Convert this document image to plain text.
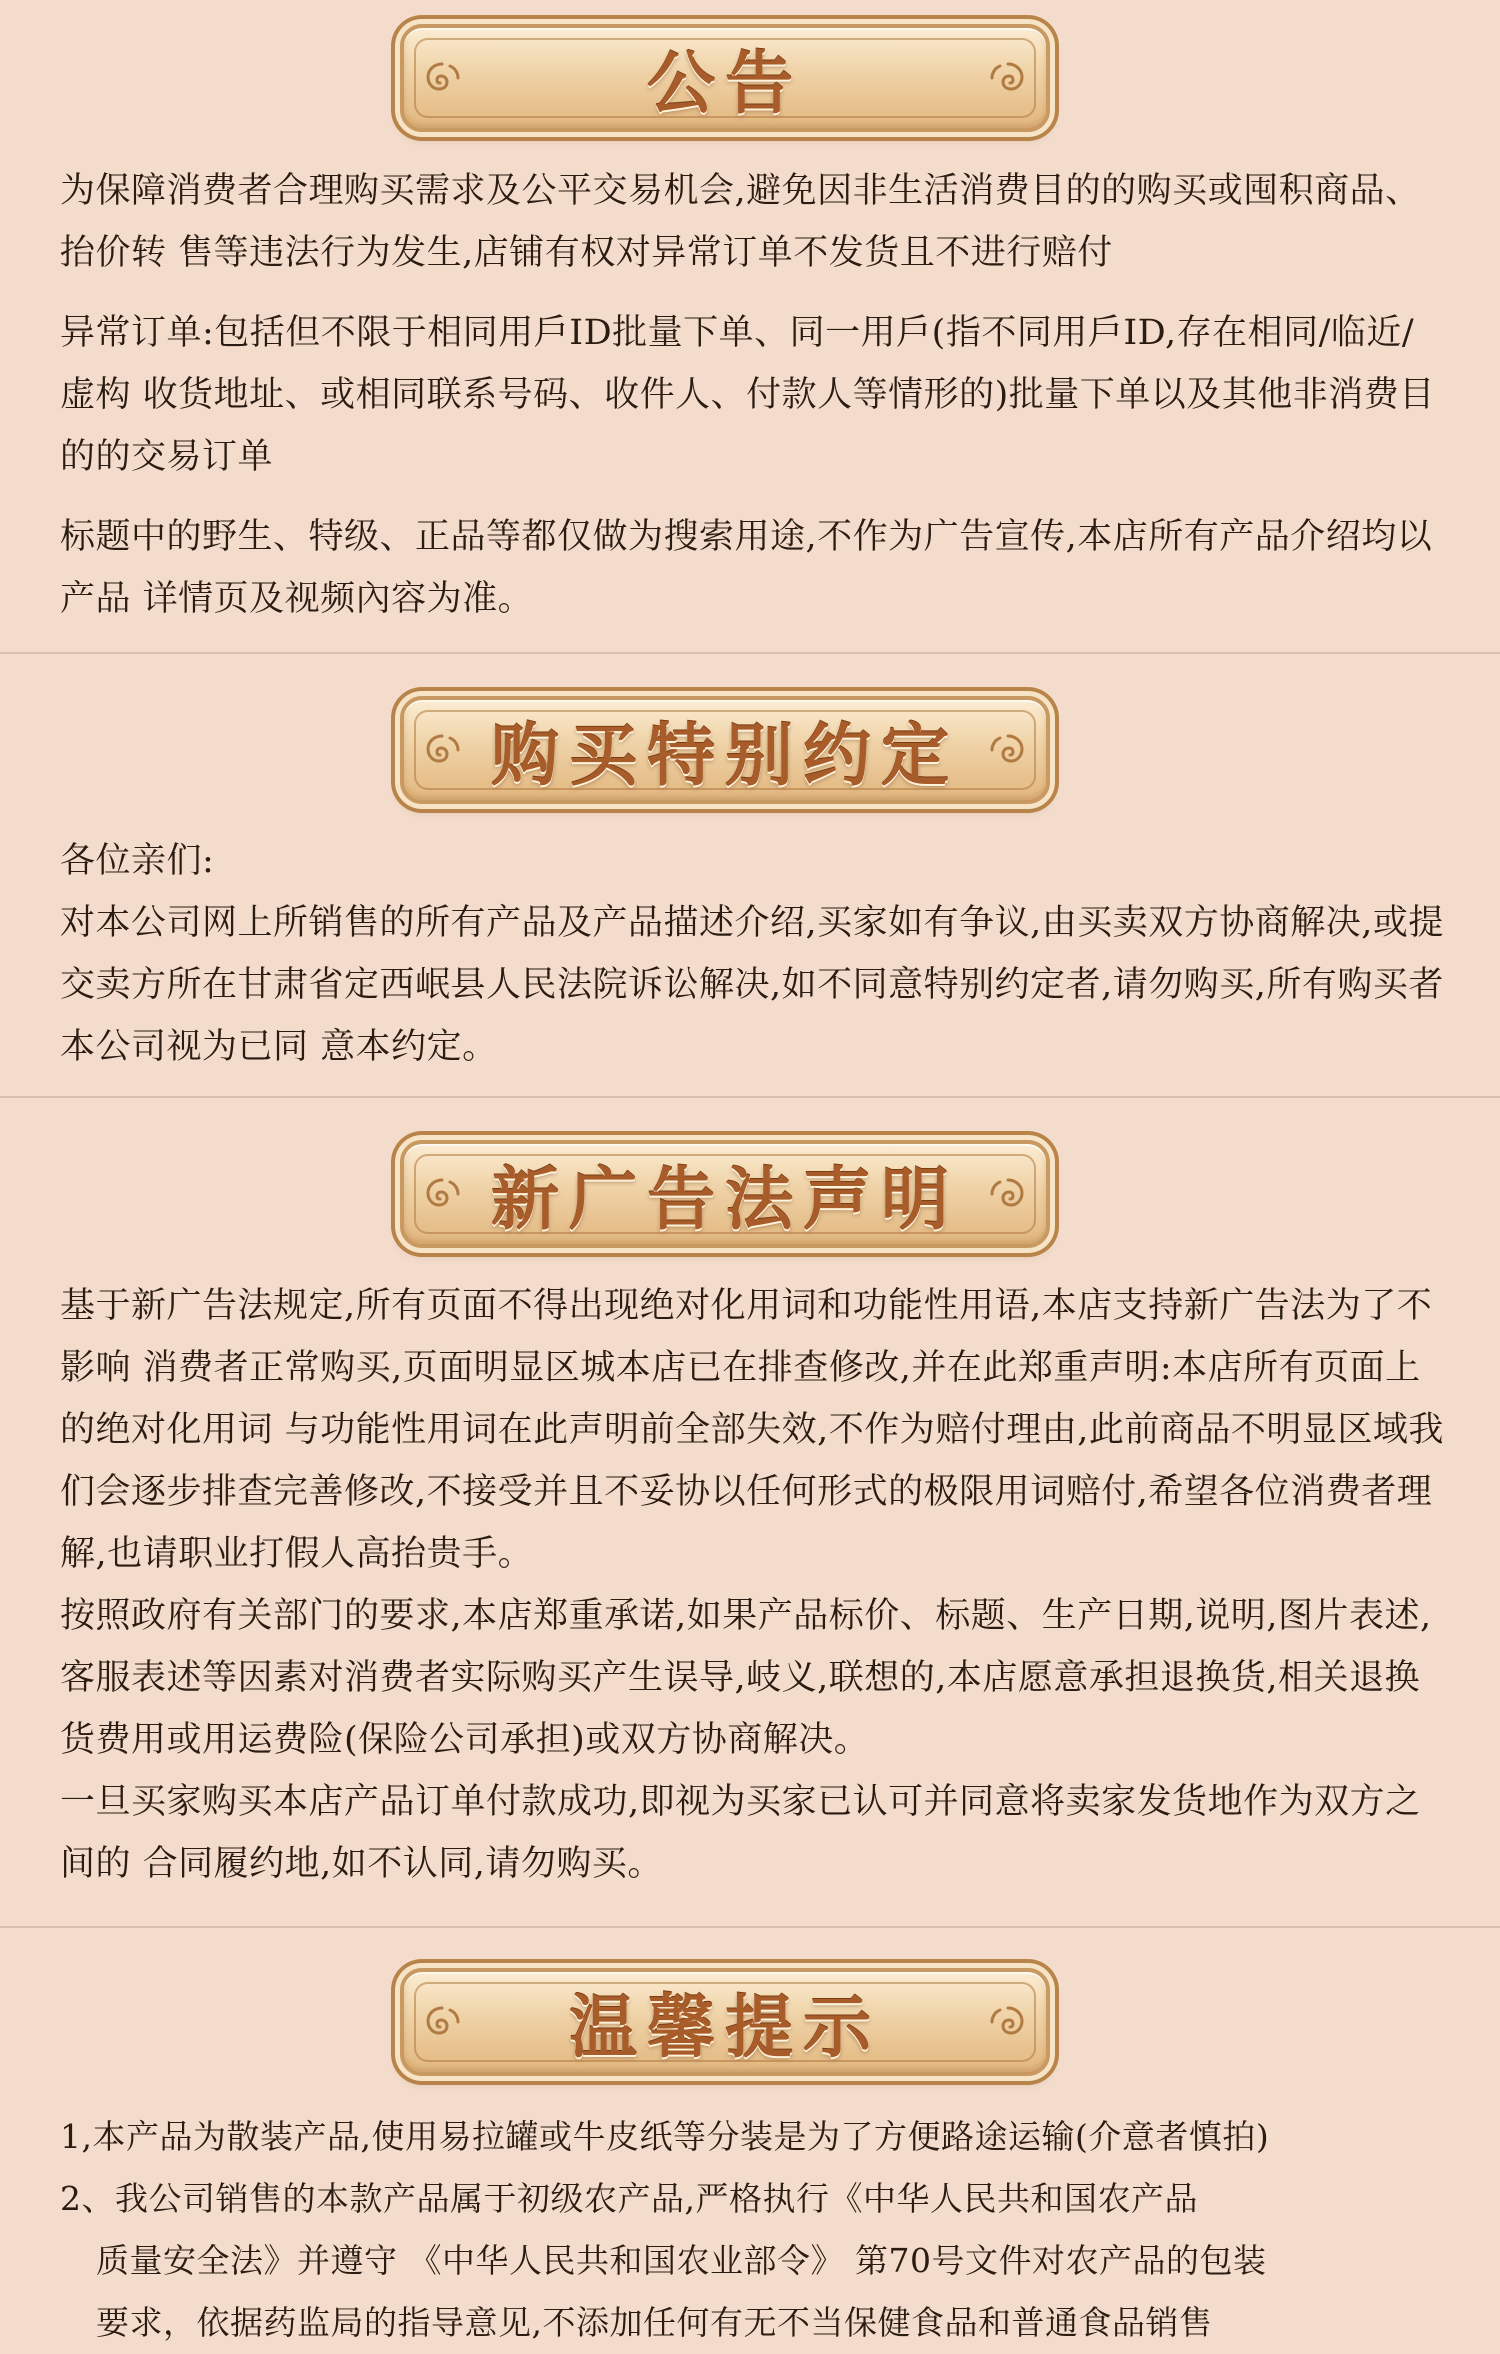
公告

为保障消费者合理购买需求及公平交易机会,避免因非生活消费目的的购买或囤积商品、抬价转 售等违法行为发生,店铺有权对异常订单不发货且不进行赔付

异常订单:包括但不限于相同用戶ID批量下单、同一用戶(指不同用戶ID,存在相同/临近/虚构 收货地址、或相同联系号码、收件人、付款人等情形的)批量下单以及其他非消费目的的交易订单

标题中的野生、特级、正品等都仅做为搜索用途,不作为广告宣传,本店所有产品介绍均以产品 详情页及视频內容为准。

购买特别约定

各位亲们:

对本公司网上所销售的所有产品及产品描述介绍,买家如有争议,由买卖双方协商解决,或提交卖方所在甘肃省定西岷县人民法院诉讼解决,如不同意特别约定者,请勿购买,所有购买者本公司视为已同 意本约定。

新广告法声明

基于新广告法规定,所有页面不得出现绝对化用词和功能性用语,本店支持新广告法为了不影响 消费者正常购买,页面明显区城本店已在排查修改,并在此郑重声明:本店所有页面上的绝对化用词 与功能性用词在此声明前全部失效,不作为赔付理由,此前商品不明显区域我们会逐步排查完善修改,不接受并且不妥协以任何形式的极限用词赔付,希望各位消费者理解,也请职业打假人高抬贵手。

按照政府有关部门的要求,本店郑重承诺,如果产品标价、标题、生产日期,说明,图片表述,客服表述等因素对消费者实际购买产生误导,岐义,联想的,本店愿意承担退换货,相关退换货费用或用运费险(保险公司承担)或双方协商解决。

一旦买家购买本店产品订单付款成功,即视为买家已认可并同意将卖家发货地作为双方之间的 合同履约地,如不认同,请勿购买。

温馨提示

1,本产品为散装产品,使用易拉罐或牛皮纸等分装是为了方便路途运输(介意者慎拍)

2、我公司销售的本款产品属于初级农产品,严格执行《中华人民共和国农产品

质量安全法》并遵守 《中华人民共和国农业部令》 第70号文件对农产品的包装

要求，依据药监局的指导意见,不添加任何有无不当保健食品和普通食品销售
